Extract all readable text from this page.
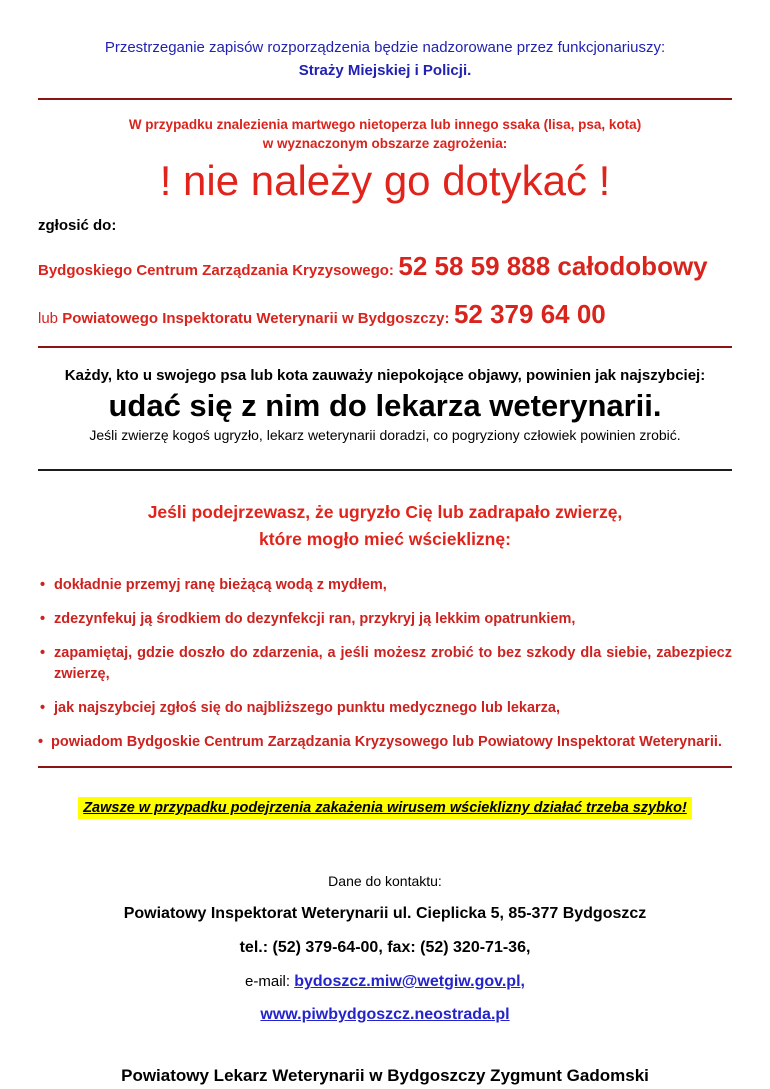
Przestrzeganie zapisów rozporządzenia będzie nadzorowane przez funkcjonariuszy:
Straży Miejskiej i Policji.

W przypadku znalezienia martwego nietoperza lub innego ssaka (lisa, psa, kota)
w wyznaczonym obszarze zagrożenia:
! nie należy go dotykać !
zgłosić do:
Bydgoskiego Centrum Zarządzania Kryzysowego: 52 58 59 888 całodobowy
lub Powiatowego Inspektoratu Weterynarii w Bydgoszczy: 52 379 64 00
Każdy, kto u swojego psa lub kota zauważy niepokojące objawy, powinien jak najszybciej:
udać się z nim do lekarza weterynarii.
Jeśli zwierzę kogoś ugryzło, lekarz weterynarii doradzi, co pogryziony człowiek powinien zrobić.
Jeśli podejrzewasz, że ugryzło Cię lub zadrapało zwierzę,
które mogło mieć wściekliznę:
• dokładnie przemyj ranę bieżącą wodą z mydłem,
• zdezynfekuj ją środkiem do dezynfekcji ran, przykryj ją lekkim opatrunkiem,
• zapamiętaj, gdzie doszło do zdarzenia, a jeśli możesz zrobić to bez szkody dla siebie, zabezpiecz zwierzę,
• jak najszybciej zgłoś się do najbliższego punktu medycznego lub lekarza,
• powiadom Bydgoskie Centrum Zarządzania Kryzysowego lub Powiatowy Inspektorat Weterynarii.
Zawsze w przypadku podejrzenia zakażenia wirusem wścieklizny działać trzeba szybko!

Dane do kontaktu:

Powiatowy Inspektorat Weterynarii ul. Cieplicka 5, 85-377 Bydgoszcz

tel.: (52) 379-64-00, fax: (52) 320-71-36,

e-mail: bydoszcz.miw@wetgiw.gov.pl,

www.piwbydgoszcz.neostrada.pl

Powiatowy Lekarz Weterynarii w Bydgoszczy Zygmunt Gadomski
